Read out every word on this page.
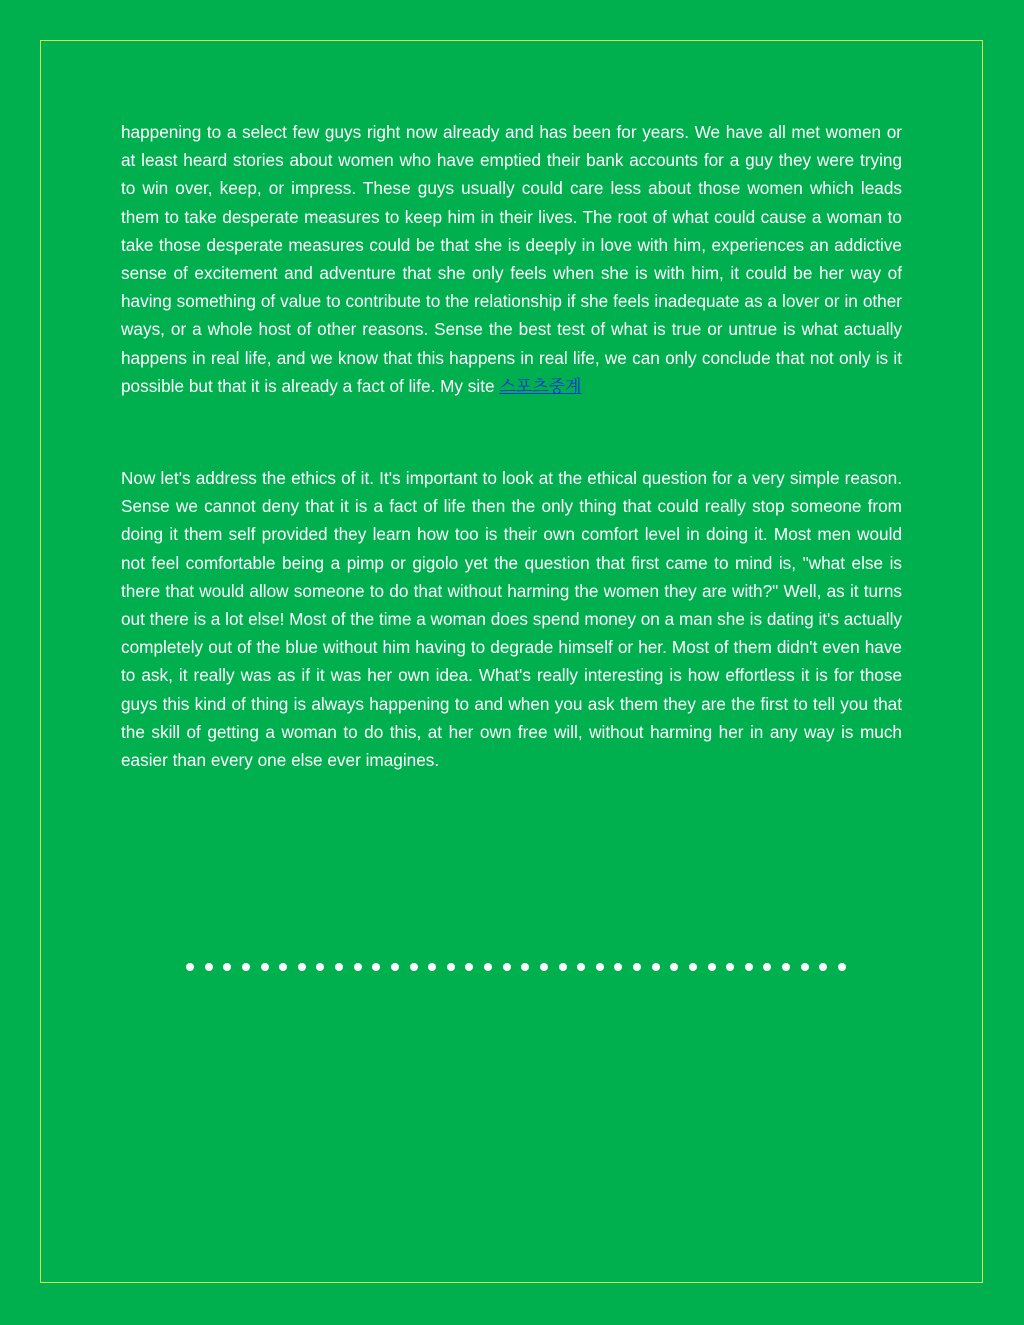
happening to a select few guys right now already and has been for years. We have all met women or at least heard stories about women who have emptied their bank accounts for a guy they were trying to win over, keep, or impress. These guys usually could care less about those women which leads them to take desperate measures to keep him in their lives. The root of what could cause a woman to take those desperate measures could be that she is deeply in love with him, experiences an addictive sense of excitement and adventure that she only feels when she is with him, it could be her way of having something of value to contribute to the relationship if she feels inadequate as a lover or in other ways, or a whole host of other reasons. Sense the best test of what is true or untrue is what actually happens in real life, and we know that this happens in real life, we can only conclude that not only is it possible but that it is already a fact of life. My site 스포츠중계

Now let's address the ethics of it. It's important to look at the ethical question for a very simple reason. Sense we cannot deny that it is a fact of life then the only thing that could really stop someone from doing it them self provided they learn how too is their own comfort level in doing it. Most men would not feel comfortable being a pimp or gigolo yet the question that first came to mind is, "what else is there that would allow someone to do that without harming the women they are with?" Well, as it turns out there is a lot else! Most of the time a woman does spend money on a man she is dating it's actually completely out of the blue without him having to degrade himself or her. Most of them didn't even have to ask, it really was as if it was her own idea. What's really interesting is how effortless it is for those guys this kind of thing is always happening to and when you ask them they are the first to tell you that the skill of getting a woman to do this, at her own free will, without harming her in any way is much easier than every one else ever imagines.
